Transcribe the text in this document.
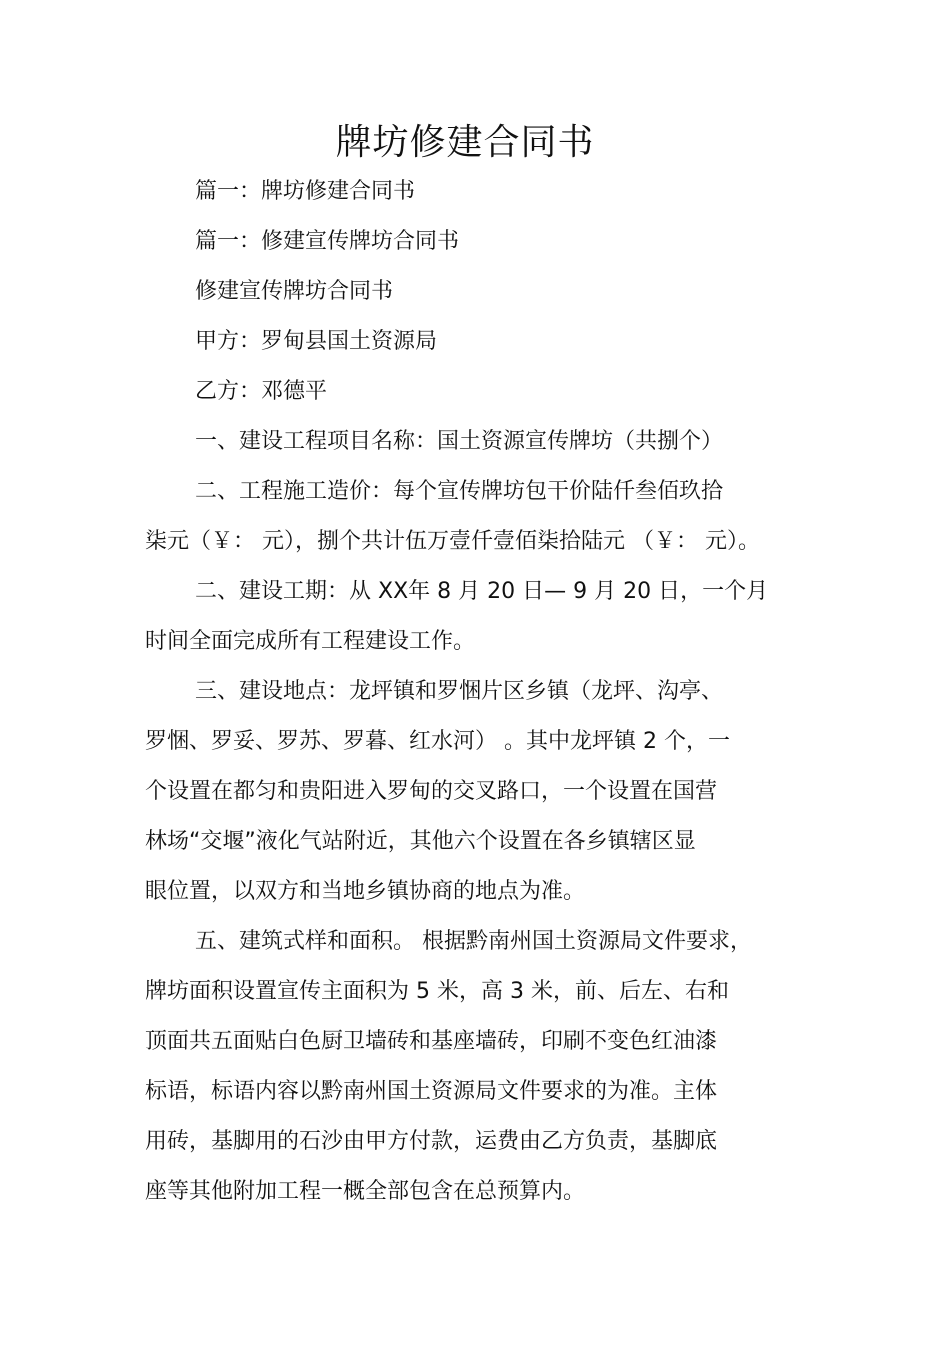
牌坊修建合同书
篇一：牌坊修建合同书
篇一：修建宣传牌坊合同书
修建宣传牌坊合同书
甲方：罗甸县国土资源局
乙方：邓德平
一、建设工程项目名称：国土资源宣传牌坊（共捌个）
二、工程施工造价：每个宣传牌坊包干价陆仟叁佰玖拾
柒元（￥： 元），捌个共计伍万壹仟壹佰柒拾陆元 （￥： 元）。
二、建设工期：从 XX年 8 月 20 日— 9 月 20 日，一个月
时间全面完成所有工程建设工作。
三、建设地点：龙坪镇和罗悃片区乡镇（龙坪、沟亭、
罗悃、罗妥、罗苏、罗暮、红水河） 。其中龙坪镇 2 个，一
个设置在都匀和贵阳进入罗甸的交叉路口，一个设置在国营
林场“交堰”液化气站附近，其他六个设置在各乡镇辖区显
眼位置，以双方和当地乡镇协商的地点为准。
五、建筑式样和面积。 根据黔南州国土资源局文件要求，
牌坊面积设置宣传主面积为 5 米，高 3 米，前、后左、右和
顶面共五面贴白色厨卫墙砖和基座墙砖，印刷不变色红油漆
标语，标语内容以黔南州国土资源局文件要求的为准。主体
用砖，基脚用的石沙由甲方付款，运费由乙方负责，基脚底
座等其他附加工程一概全部包含在总预算内。
